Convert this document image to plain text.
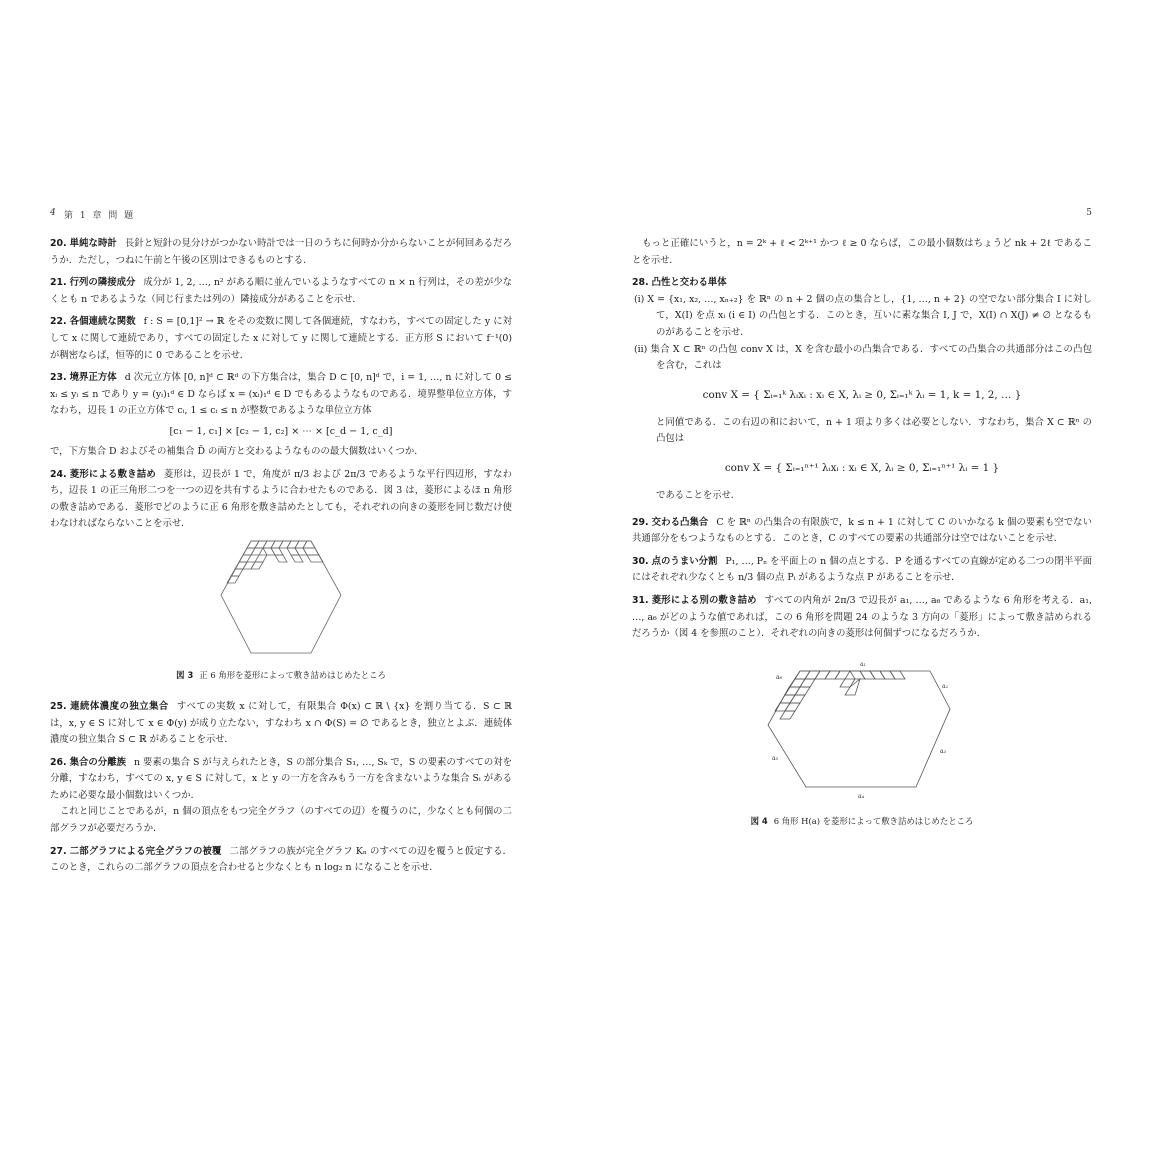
4 第 1 章 問 題

20. 単純な時計 長針と短針の見分けがつかない時計では一日のうちに何時か分からないことが何回あるだろうか．ただし，つねに午前と午後の区別はできるものとする．

21. 行列の隣接成分 成分が 1, 2, …, n² がある順に並んでいるようなすべての n × n 行列は，その差が少なくとも n であるような（同じ行または列の）隣接成分があることを示せ．

22. 各個連続な関数 f : S = [0,1]² → ℝ をその変数に関して各個連続，すなわち，すべての固定した y に対して x に関して連続であり，すべての固定した x に対して y に関して連続とする．正方形 S において f⁻¹(0) が稠密ならば，恒等的に 0 であることを示せ．

23. 境界正方体 d 次元立方体 [0, n]ᵈ ⊂ ℝᵈ の下方集合は，集合 D ⊂ [0, n]ᵈ で，i = 1, …, n に対して 0 ≤ xᵢ ≤ yᵢ ≤ n であり y = (yᵢ)₁ᵈ ∈ D ならば x = (xᵢ)₁ᵈ ∈ D でもあるようなものである．境界整単位立方体，すなわち，辺長 1 の正立方体で cᵢ, 1 ≤ cᵢ ≤ n が整数であるような単位立方体

[c₁ − 1, c₁] × [c₂ − 1, c₂] × ⋯ × [c_d − 1, c_d]

で，下方集合 D およびその補集合 D̄ の両方と交わるようなものの最大個数はいくつか．

24. 菱形による敷き詰め 菱形は，辺長が 1 で，角度が π/3 および 2π/3 であるような平行四辺形，すなわち，辺長 1 の正三角形二つを一つの辺を共有するように合わせたものである．図 3 は，菱形によるほ n 角形の敷き詰めである．菱形でどのように正 6 角形を敷き詰めたとしても，それぞれの向きの菱形を同じ数だけ使わなければならないことを示せ．

図 3 正 6 角形を菱形によって敷き詰めはじめたところ

25. 連続体濃度の独立集合 すべての実数 x に対して，有限集合 Φ(x) ⊂ ℝ \ {x} を割り当てる．S ⊂ ℝ は，x, y ∈ S に対して x ∈ Φ(y) が成り立たない，すなわち x ∩ Φ(S) = ∅ であるとき，独立とよぶ．連続体濃度の独立集合 S ⊂ ℝ があることを示せ．

26. 集合の分離族 n 要素の集合 S が与えられたとき，S の部分集合 S₁, …, Sₖ で，S の要素のすべての対を分離，すなわち，すべての x, y ∈ S に対して，x と y の一方を含みもう一方を含まないような集合 Sᵢ があるために必要な最小個数はいくつか．

これと同じことであるが，n 個の頂点をもつ完全グラフ（のすべての辺）を覆うのに，少なくとも何個の二部グラフが必要だろうか．

27. 二部グラフによる完全グラフの被覆 二部グラフの族が完全グラフ Kₙ のすべての辺を覆うと仮定する．このとき，これらの二部グラフの頂点を合わせると少なくとも n log₂ n になることを示せ．

5

もっと正確にいうと，n = 2ᵏ + ℓ < 2ᵏ⁺¹ かつ ℓ ≥ 0 ならば，この最小個数はちょうど nk + 2ℓ であることを示せ．

28. 凸性と交わる単体

(i) X = {x₁, x₂, …, xₙ₊₂} を ℝⁿ の n + 2 個の点の集合とし，{1, …, n + 2} の空でない部分集合 I に対して，X(I) を点 xᵢ (i ∈ I) の凸包とする．このとき，互いに素な集合 I, J で，X(I) ∩ X(J) ≠ ∅ となるものがあることを示せ．

(ii) 集合 X ⊂ ℝⁿ の凸包 conv X は，X を含む最小の凸集合である．すべての凸集合の共通部分はこの凸包を含む，これは

conv X = { Σᵢ₌₁ᵏ λᵢxᵢ : xᵢ ∈ X, λᵢ ≥ 0, Σᵢ₌₁ᵏ λᵢ = 1, k = 1, 2, … }

と同値である．この右辺の和において，n + 1 項より多くは必要としない．すなわち，集合 X ⊂ ℝⁿ の凸包は

conv X = { Σᵢ₌₁ⁿ⁺¹ λᵢxᵢ : xᵢ ∈ X, λᵢ ≥ 0, Σᵢ₌₁ⁿ⁺¹ λᵢ = 1 }

であることを示せ．

29. 交わる凸集合 C を ℝⁿ の凸集合の有限族で，k ≤ n + 1 に対して C のいかなる k 個の要素も空でない共通部分をもつようなものとする．このとき，C のすべての要素の共通部分は空ではないことを示せ．

30. 点のうまい分割 P₁, …, Pₙ を平面上の n 個の点とする．P を通るすべての直線が定める二つの閉半平面にはそれぞれ少なくとも n/3 個の点 Pᵢ があるような点 P があることを示せ．

31. 菱形による別の敷き詰め すべての内角が 2π/3 で辺長が a₁, …, a₆ であるような 6 角形を考える．a₁, …, a₆ がどのような値であれば，この 6 角形を問題 24 のような 3 方向の「菱形」によって敷き詰められるだろうか（図 4 を参照のこと）．それぞれの向きの菱形は何個ずつになるだろうか．

a₁
a₂
a₃
a₄
a₅
a₆
図 4 6 角形 H(a) を菱形によって敷き詰めはじめたところ
